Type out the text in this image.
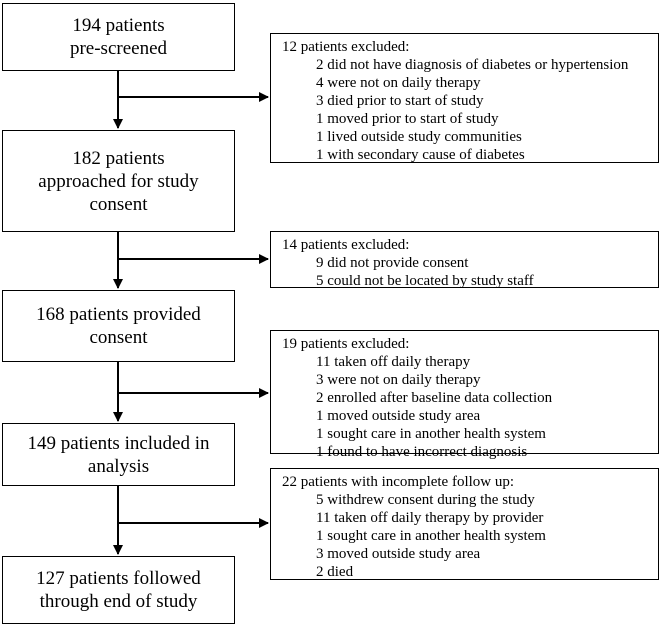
194 patients
pre-screened
182 patients
approached for study
consent
168 patients provided
consent
149 patients included in
analysis
127 patients followed
through end of study
12 patients excluded:
2 did not have diagnosis of diabetes or hypertension
4 were not on daily therapy
3 died prior to start of study
1 moved prior to start of study
1 lived outside study communities
1 with secondary cause of diabetes
14 patients excluded:
9 did not provide consent
5 could not be located by study staff
19 patients excluded:
11 taken off daily therapy
3 were not on daily therapy
2 enrolled after baseline data collection
1 moved outside study area
1 sought care in another health system
1 found to have incorrect diagnosis
22 patients with incomplete follow up:
5 withdrew consent during the study
11 taken off daily therapy by provider
1 sought care in another health system
3 moved outside study area
2 died
